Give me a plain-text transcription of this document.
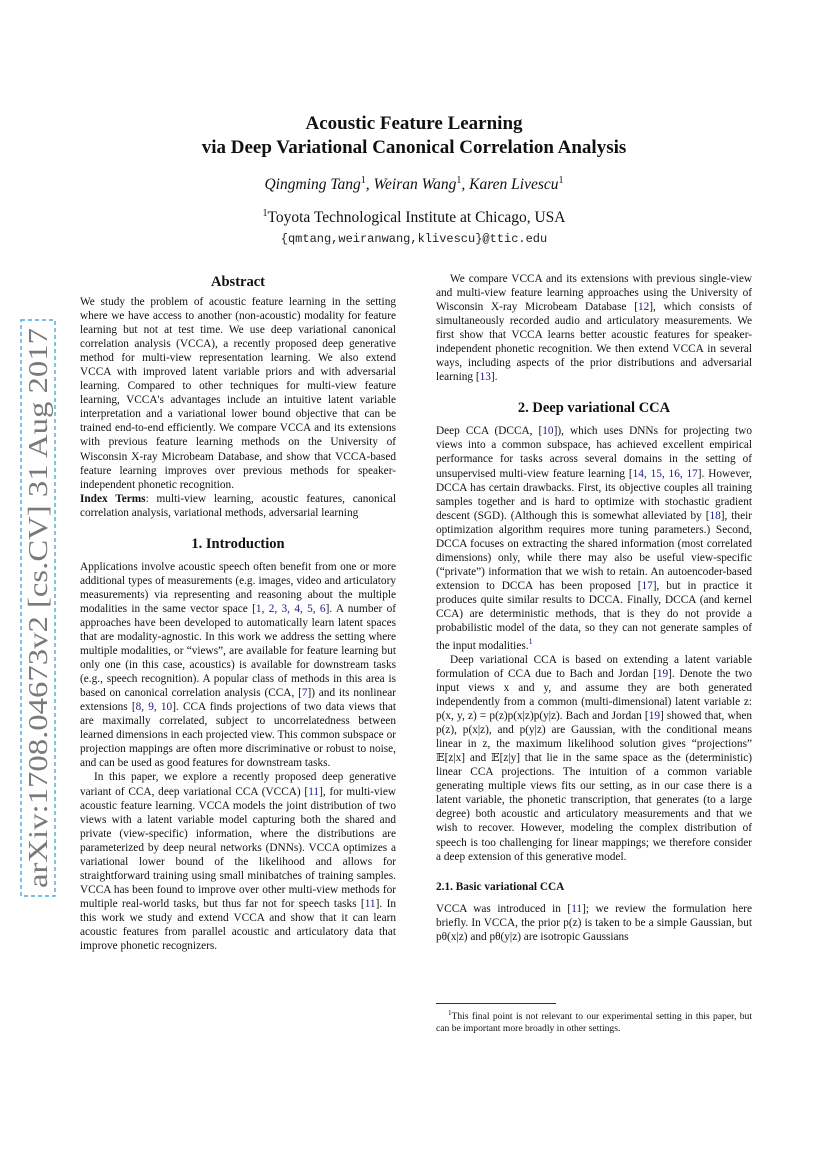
arXiv:1708.04673v2 [cs.CV] 31 Aug 2017
Acoustic Feature Learning
via Deep Variational Canonical Correlation Analysis
Qingming Tang$^1$, Weiran Wang$^1$, Karen Livescu$^1$
$^1$Toyota Technological Institute at Chicago, USA
{qmtang,weiranwang,klivescu}@ttic.edu

Abstract

We study the problem of acoustic feature learning in the setting where we have access to another (non-acoustic) modality for feature learning but not at test time. We use deep variational canonical correlation analysis (VCCA), a recently proposed deep generative method for multi-view representation learning. We also extend VCCA with improved latent variable priors and with adversarial learning. Compared to other techniques for multi-view feature learning, VCCA's advantages include an intuitive latent variable interpretation and a variational lower bound objective that can be trained end-to-end efficiently. We compare VCCA and its extensions with previous feature learning methods on the University of Wisconsin X-ray Microbeam Database, and show that VCCA-based feature learning improves over previous methods for speaker-independent phonetic recognition.

Index Terms: multi-view learning, acoustic features, canonical correlation analysis, variational methods, adversarial learning

1. Introduction

Applications involve acoustic speech often benefit from one or more additional types of measurements (e.g. images, video and articulatory measurements) via representing and reasoning about the multiple modalities in the same vector space [1, 2, 3, 4, 5, 6]. A number of approaches have been developed to automatically learn latent spaces that are modality-agnostic. In this work we address the setting where multiple modalities, or “views”, are available for feature learning but only one (in this case, acoustics) is available for downstream tasks (e.g., speech recognition). A popular class of methods in this area is based on canonical correlation analysis (CCA, [7]) and its nonlinear extensions [8, 9, 10]. CCA finds projections of two data views that are maximally correlated, subject to uncorrelatedness between learned dimensions in each projected view. This common subspace or projection mappings are often more discriminative or robust to noise, and can be used as good features for downstream tasks.

In this paper, we explore a recently proposed deep generative variant of CCA, deep variational CCA (VCCA) [11], for multi-view acoustic feature learning. VCCA models the joint distribution of two views with a latent variable model capturing both the shared and private (view-specific) information, where the distributions are parameterized by deep neural networks (DNNs). VCCA optimizes a variational lower bound of the likelihood and allows for straightforward training using small minibatches of training samples. VCCA has been found to improve over other multi-view methods for multiple real-world tasks, but thus far not for speech tasks [11]. In this work we study and extend VCCA and show that it can learn acoustic features from parallel acoustic and articulatory data that improve phonetic recognizers.

We compare VCCA and its extensions with previous single-view and multi-view feature learning approaches using the University of Wisconsin X-ray Microbeam Database [12], which consists of simultaneously recorded audio and articulatory measurements. We first show that VCCA learns better acoustic features for speaker-independent phonetic recognition. We then extend VCCA in several ways, including aspects of the prior distributions and adversarial learning [13].

2. Deep variational CCA

Deep CCA (DCCA, [10]), which uses DNNs for projecting two views into a common subspace, has achieved excellent empirical performance for tasks across several domains in the setting of unsupervised multi-view feature learning [14, 15, 16, 17]. However, DCCA has certain drawbacks. First, its objective couples all training samples together and is hard to optimize with stochastic gradient descent (SGD). (Although this is somewhat alleviated by [18], their optimization algorithm requires more tuning parameters.) Second, DCCA focuses on extracting the shared information (most correlated dimensions) only, while there may also be useful view-specific (“private”) information that we wish to retain. An autoencoder-based extension to DCCA has been proposed [17], but in practice it produces quite similar results to DCCA. Finally, DCCA (and kernel CCA) are deterministic methods, that is they do not provide a probabilistic model of the data, so they can not generate samples of the input modalities.$^1$

Deep variational CCA is based on extending a latent variable formulation of CCA due to Bach and Jordan [19]. Denote the two input views x and y, and assume they are both generated independently from a common (multi-dimensional) latent variable z: p(x, y, z) = p(z)p(x|z)p(y|z). Bach and Jordan [19] showed that, when p(z), p(x|z), and p(y|z) are Gaussian, with the conditional means linear in z, the maximum likelihood solution gives “projections” 𝔼[z|x] and 𝔼[z|y] that lie in the same space as the (deterministic) linear CCA projections. The intuition of a common variable generating multiple views fits our setting, as in our case there is a latent variable, the phonetic transcription, that generates (to a large degree) both acoustic and articulatory measurements and that we wish to recover. However, modeling the complex distribution of speech is too challenging for linear mappings; we therefore consider a deep extension of this generative model.

2.1. Basic variational CCA

VCCA was introduced in [11]; we review the formulation here briefly. In VCCA, the prior p(z) is taken to be a simple Gaussian, but pθ(x|z) and pθ(y|z) are isotropic Gaussians

$^1$This final point is not relevant to our experimental setting in this paper, but can be important more broadly in other settings.
